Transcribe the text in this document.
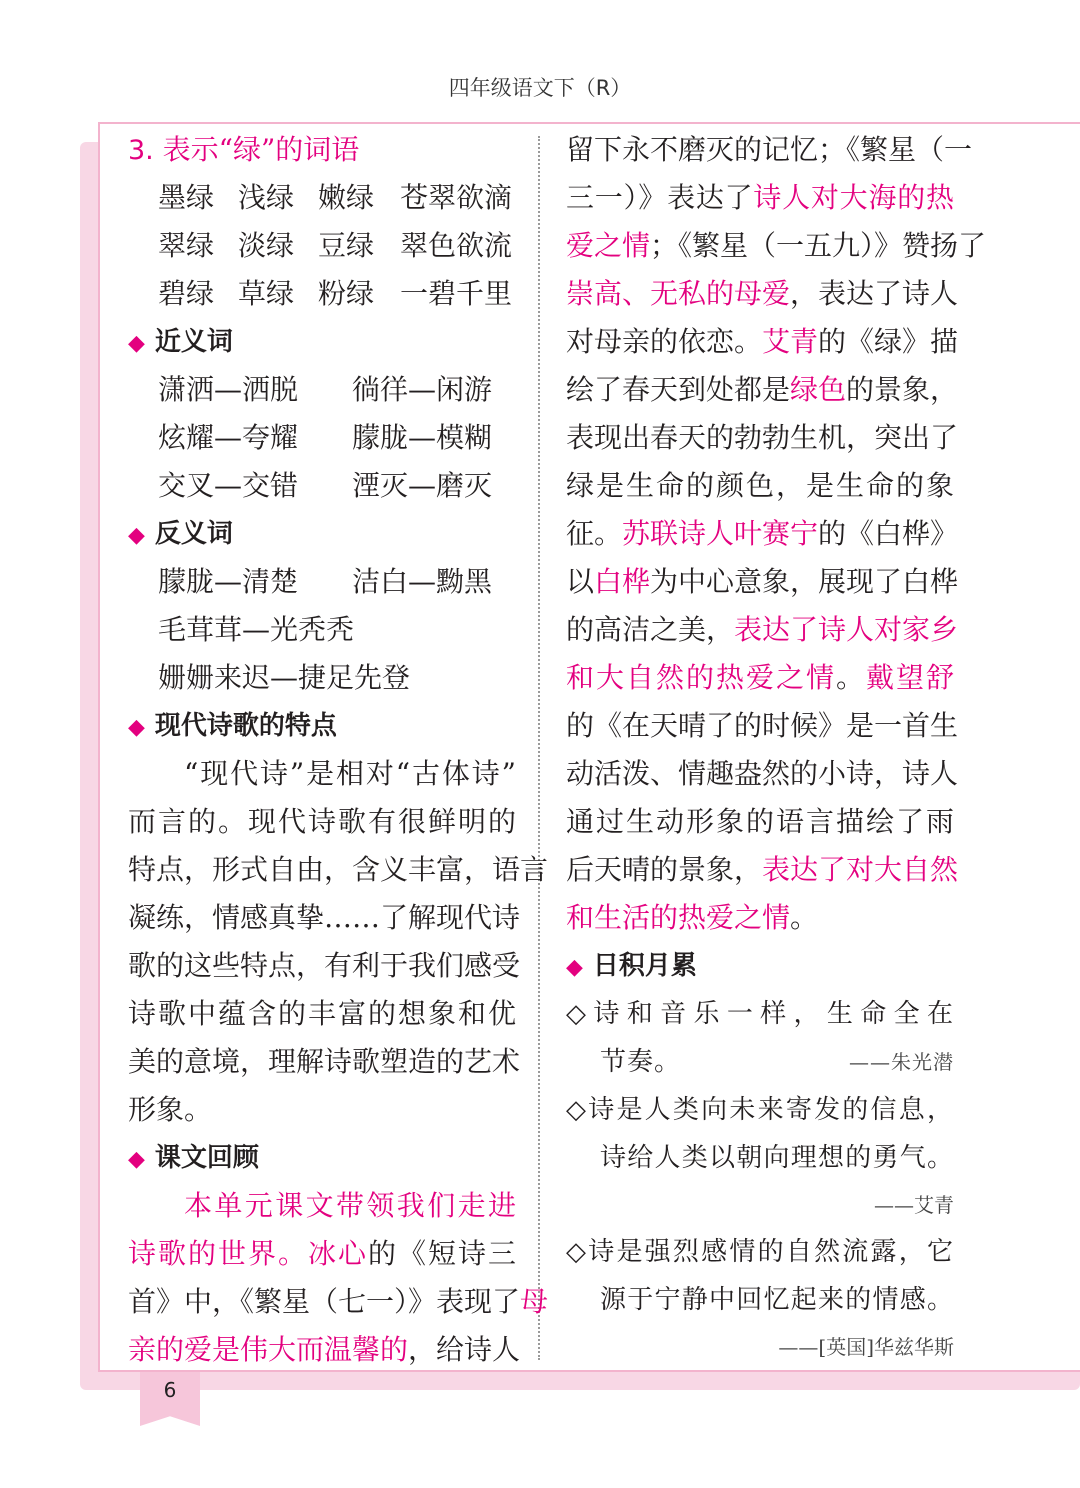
四年级语文下（R）
3. 表示“绿”的词语
墨绿 浅绿 嫩绿 苍翠欲滴
翠绿 淡绿 豆绿 翠色欲流
碧绿 草绿 粉绿 一碧千里
◆ 近义词
潇洒—洒脱 徜徉—闲游
炫耀—夸耀 朦胧—模糊
交叉—交错 湮灭—磨灭
◆ 反义词
朦胧—清楚 洁白—黝黑
毛茸茸—光秃秃
姗姗来迟—捷足先登
◆ 现代诗歌的特点
“现代诗”是相对“古体诗”
而言的。现代诗歌有很鲜明的
特点，形式自由，含义丰富，语言
凝练，情感真挚……了解现代诗
歌的这些特点，有利于我们感受
诗歌中蕴含的丰富的想象和优
美的意境，理解诗歌塑造的艺术
形象。
◆ 课文回顾
本单元课文带领我们走进
诗歌的世界。冰心的《短诗三
首》中，《繁星（七一）》表现了母
亲的爱是伟大而温馨的，给诗人
留下永不磨灭的记忆；《繁星（一
三一）》表达了诗人对大海的热
爱之情；《繁星（一五九）》赞扬了
崇高、无私的母爱，表达了诗人
对母亲的依恋。艾青的《绿》描
绘了春天到处都是绿色的景象，
表现出春天的勃勃生机，突出了
绿是生命的颜色，是生命的象
征。苏联诗人叶赛宁的《白桦》
以白桦为中心意象，展现了白桦
的高洁之美，表达了诗人对家乡
和大自然的热爱之情。戴望舒
的《在天晴了的时候》是一首生
动活泼、情趣盎然的小诗，诗人
通过生动形象的语言描绘了雨
后天晴的景象，表达了对大自然
和生活的热爱之情。
◆ 日积月累
◇诗和音乐一样，生命全在
节奏。	——朱光潜
◇诗是人类向未来寄发的信息，
诗给人类以朝向理想的勇气。
——艾青
◇诗是强烈感情的自然流露，它
源于宁静中回忆起来的情感。
——[英国]华兹华斯
6
